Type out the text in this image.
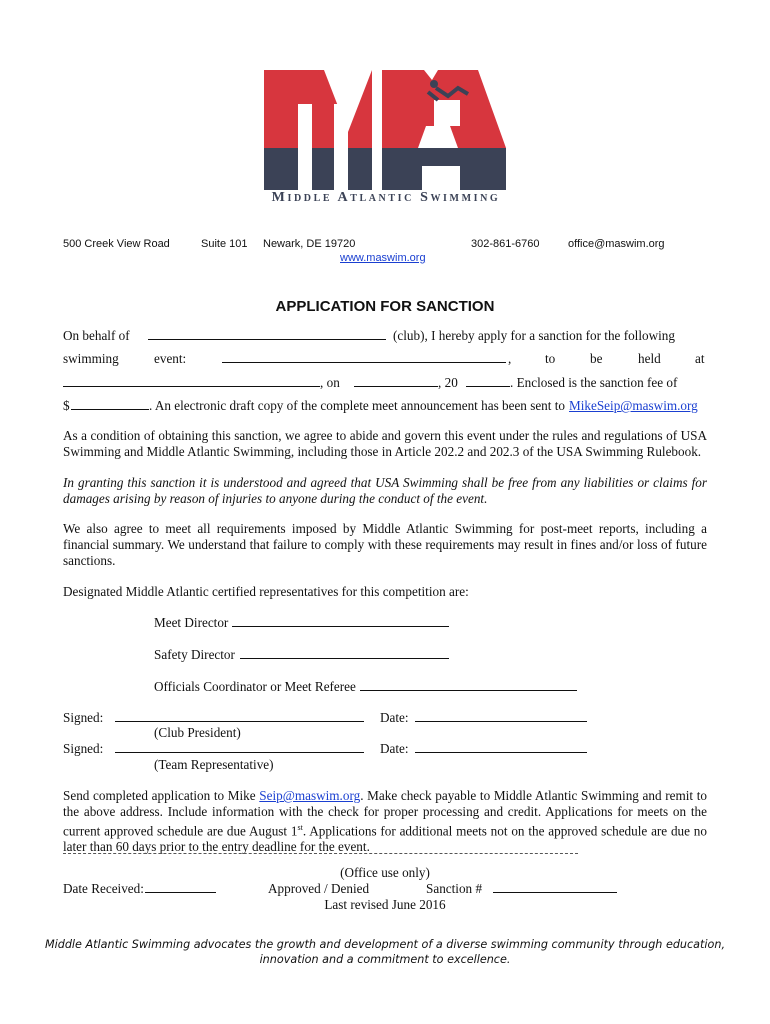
Middle Atlantic Swimming
500 Creek View Road	Suite 101 Newark, DE 19720	302-861-6760	office@maswim.org
www.maswim.org
APPLICATION FOR SANCTION
On behalf of	(club), I hereby apply for a sanction for the following
swimming	event:	,	to	be	held	at
, on	, 20	. Enclosed is the sanction fee of
$	. An electronic draft copy of the complete meet announcement has been sent to MikeSeip@maswim.org
As a condition of obtaining this sanction, we agree to abide and govern this event under the rules and regulations of USA Swimming and Middle Atlantic Swimming, including those in Article 202.2 and 202.3 of the USA Swimming Rulebook.
In granting this sanction it is understood and agreed that USA Swimming shall be free from any liabilities or claims for damages arising by reason of injuries to anyone during the conduct of the event.
We also agree to meet all requirements imposed by Middle Atlantic Swimming for post-meet reports, including a financial summary. We understand that failure to comply with these requirements may result in fines and/or loss of future sanctions.
Designated Middle Atlantic certified representatives for this competition are:
Meet Director
Safety Director
Officials Coordinator or Meet Referee
Signed:	Date:
(Club President)
Signed:	Date:
(Team Representative)
Send completed application to Mike Seip@maswim.org. Make check payable to Middle Atlantic Swimming and remit to the above address. Include information with the check for proper processing and credit. Applications for meets on the current approved schedule are due August 1st. Applications for additional meets not on the approved schedule are due no later than 60 days prior to the entry deadline for the event.
(Office use only)
Date Received:	Approved / Denied	Sanction #
Last revised June 2016
Middle Atlantic Swimming advocates the growth and development of a diverse swimming community through education,
innovation and a commitment to excellence.
